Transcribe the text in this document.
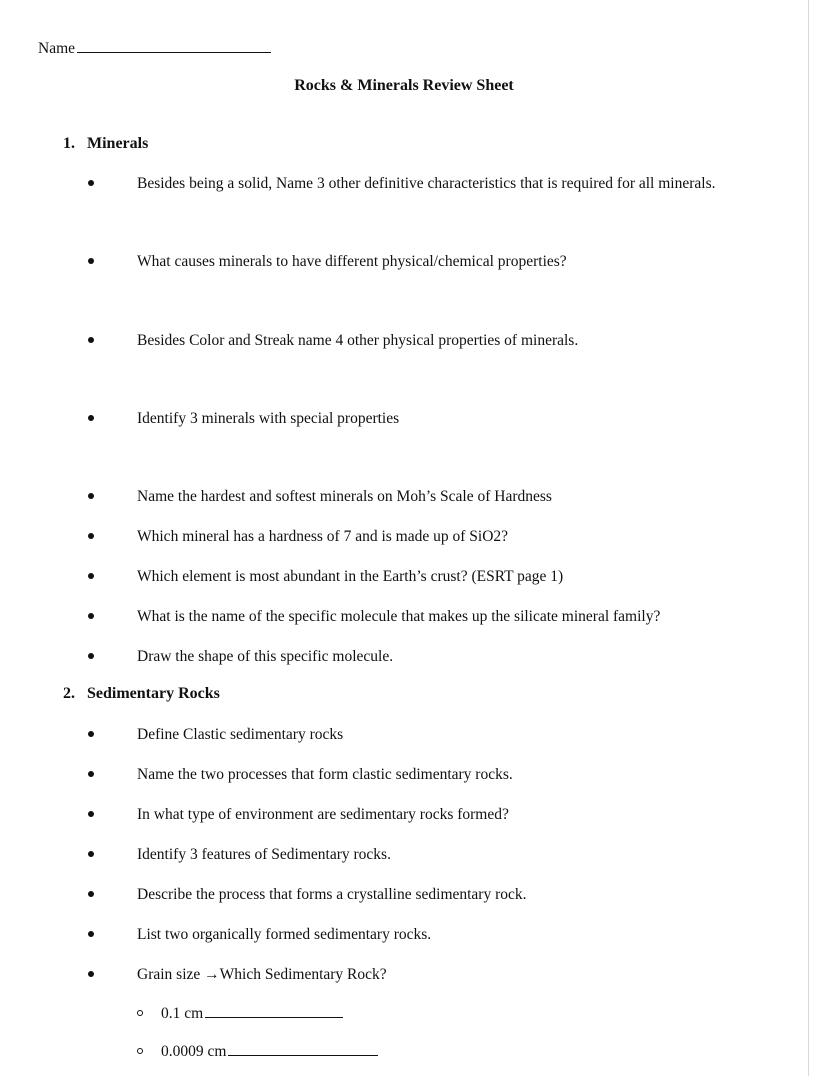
Name
Rocks & Minerals Review Sheet
1. Minerals
Besides being a solid, Name 3 other definitive characteristics that is required for all minerals.
What causes minerals to have different physical/chemical properties?
Besides Color and Streak name 4 other physical properties of minerals.
Identify 3 minerals with special properties
Name the hardest and softest minerals on Moh’s Scale of Hardness
Which mineral has a hardness of 7 and is made up of SiO2?
Which element is most abundant in the Earth’s crust? (ESRT page 1)
What is the name of the specific molecule that makes up the silicate mineral family?
Draw the shape of this specific molecule.
2. Sedimentary Rocks
Define Clastic sedimentary rocks
Name the two processes that form clastic sedimentary rocks.
In what type of environment are sedimentary rocks formed?
Identify 3 features of Sedimentary rocks.
Describe the process that forms a crystalline sedimentary rock.
List two organically formed sedimentary rocks.
Grain size →Which Sedimentary Rock?
0.1 cm
0.0009 cm
